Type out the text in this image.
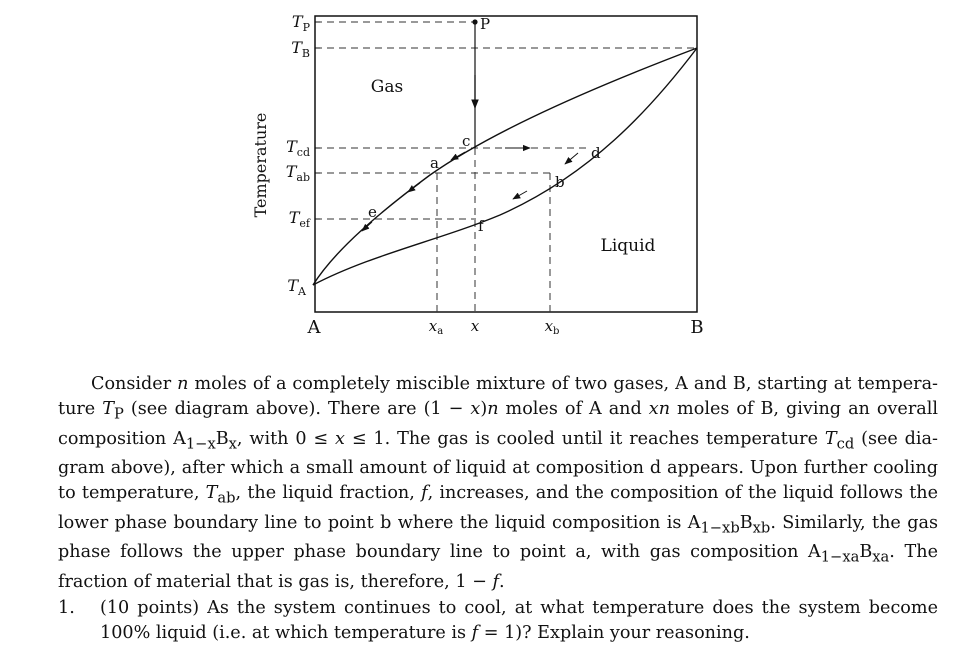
Temperature
$T_P$
$T_B$
$T_{cd}$
$T_{ab}$
$T_{ef}$
$T_A$
$x_a$ x	$x_b$
A	B
Gas
Liquid
P
c
a
d
b
e
f

Consider n moles of a completely miscible mixture of two gases, A and B, starting at tempera-ture $T_P$ (see diagram above). There are (1 − x)n moles of A and xn moles of B, giving an overall composition $A_{1-x}B_x$, with 0 ≤ x ≤ 1. The gas is cooled until it reaches temperature $T_{cd}$ (see dia-gram above), after which a small amount of liquid at composition d appears. Upon further cooling to temperature, $T_{ab}$, the liquid fraction, f, increases, and the composition of the liquid follows the lower phase boundary line to point b where the liquid composition is $A_{1-xb}B_{xb}$. Similarly, the gas phase follows the upper phase boundary line to point a, with gas composition $A_{1-xa}B_{xa}$. The fraction of material that is gas is, therefore, 1 − f.

1. (10 points) As the system continues to cool, at what temperature does the system become 100% liquid (i.e. at which temperature is f = 1)? Explain your reasoning.
